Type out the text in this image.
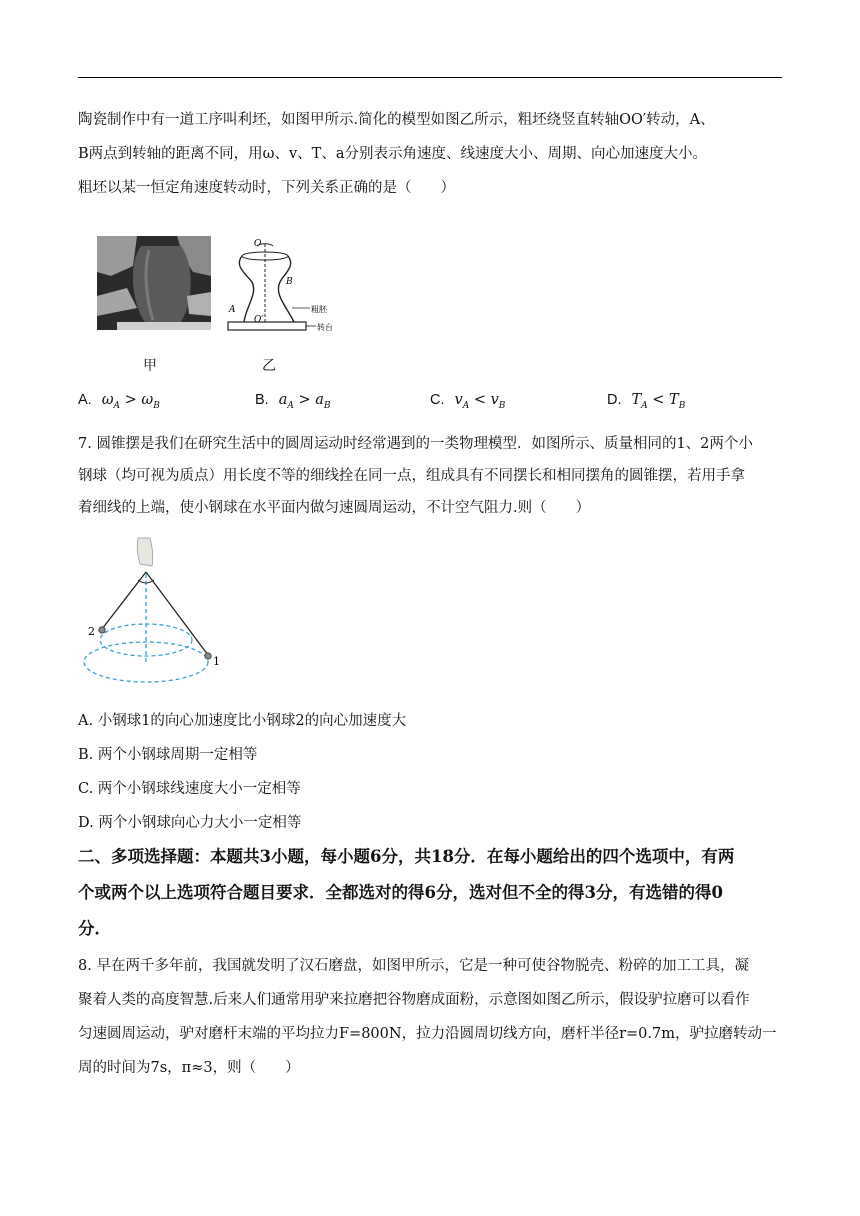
陶瓷制作中有一道工序叫利坯，如图甲所示.简化的模型如图乙所示，粗坯绕竖直转轴OO′转动，A、
B两点到转轴的距离不同，用ω、v、T、a分别表示角速度、线速度大小、周期、向心加速度大小。
粗坯以某一恒定角速度转动时，下列关系正确的是（　　）
O
O′
A
B
粗胚
转台
甲	乙
A. $\omega_A > \omega_B$	B. $a_A > a_B$	C. $v_A < v_B$	D. $T_A < T_B$
7. 圆锥摆是我们在研究生活中的圆周运动时经常遇到的一类物理模型．如图所示、质量相同的1、2两个小
钢球（均可视为质点）用长度不等的细线拴在同一点，组成具有不同摆长和相同摆角的圆锥摆，若用手拿
着细线的上端，使小钢球在水平面内做匀速圆周运动，不计空气阻力.则（　　）
2
1
A. 小钢球1的向心加速度比小钢球2的向心加速度大
B. 两个小钢球周期一定相等
C. 两个小钢球线速度大小一定相等
D. 两个小钢球向心力大小一定相等
二、多项选择题：本题共3小题，每小题6分，共18分．在每小题给出的四个选项中，有两
个或两个以上选项符合题目要求．全都选对的得6分，选对但不全的得3分，有选错的得0
分．
8. 早在两千多年前，我国就发明了汉石磨盘，如图甲所示，它是一种可使谷物脱壳、粉碎的加工工具，凝
聚着人类的高度智慧.后来人们通常用驴来拉磨把谷物磨成面粉，示意图如图乙所示，假设驴拉磨可以看作
匀速圆周运动，驴对磨杆末端的平均拉力F=800N，拉力沿圆周切线方向，磨杆半径r=0.7m，驴拉磨转动一
周的时间为7s，π≈3，则（　　）
